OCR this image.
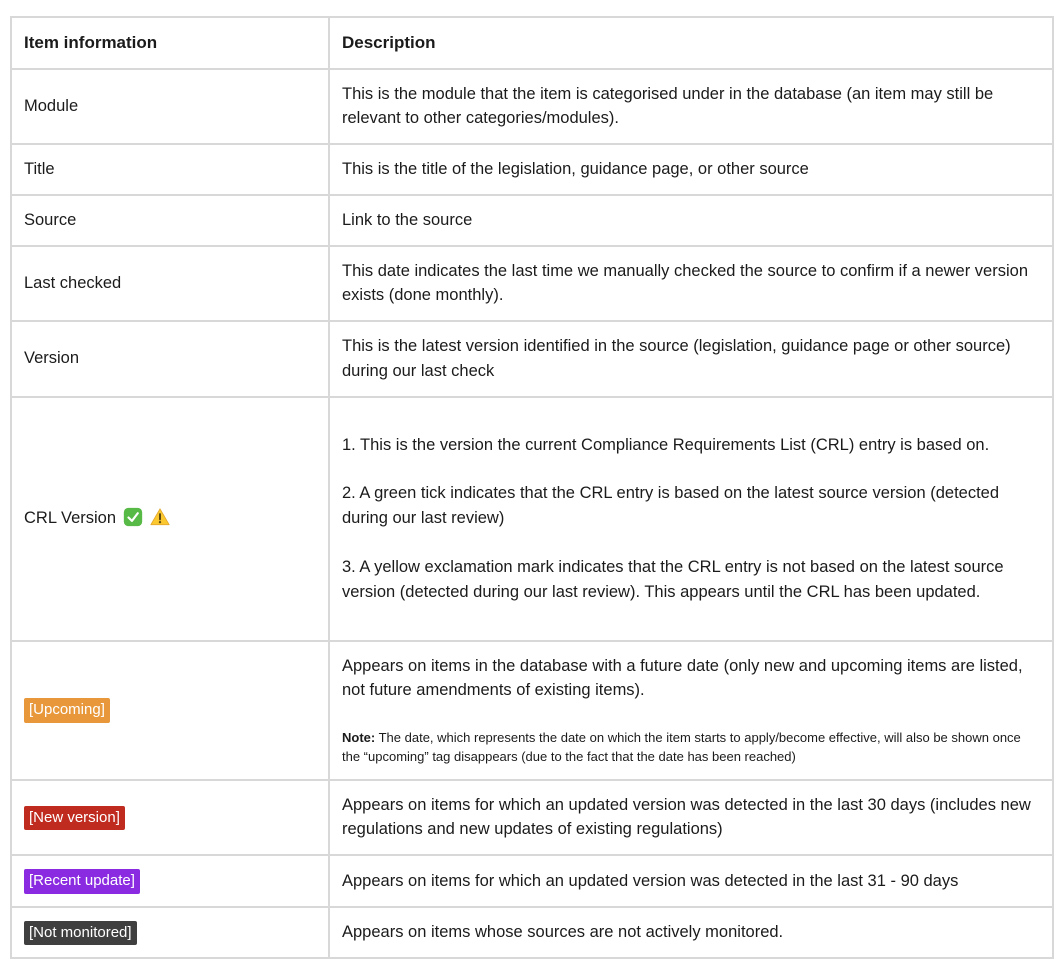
Item information	Description
Module	This is the module that the item is categorised under in the database (an item may still be relevant to other categories/modules).
Title	This is the title of the legislation, guidance page, or other source
Source	Link to the source
Last checked	This date indicates the last time we manually checked the source to confirm if a newer version exists (done monthly).
Version	This is the latest version identified in the source (legislation, guidance page or other source) during our last check
CRL Version	1. This is the version the current Compliance Requirements List (CRL) entry is based on.

2. A green tick indicates that the CRL entry is based on the latest source version (detected during our last review)

3. A yellow exclamation mark indicates that the CRL entry is not based on the latest source version (detected during our last review). This appears until the CRL has been updated.

[Upcoming]	Appears on items in the database with a future date (only new and upcoming items are listed, not future amendments of existing items).

Note: The date, which represents the date on which the item starts to apply/become effective, will also be shown once the “upcoming” tag disappears (due to the fact that the date has been reached)

[New version]	Appears on items for which an updated version was detected in the last 30 days (includes new regulations and new updates of existing regulations)
[Recent update]	Appears on items for which an updated version was detected in the last 31 - 90 days
[Not monitored]	Appears on items whose sources are not actively monitored.
